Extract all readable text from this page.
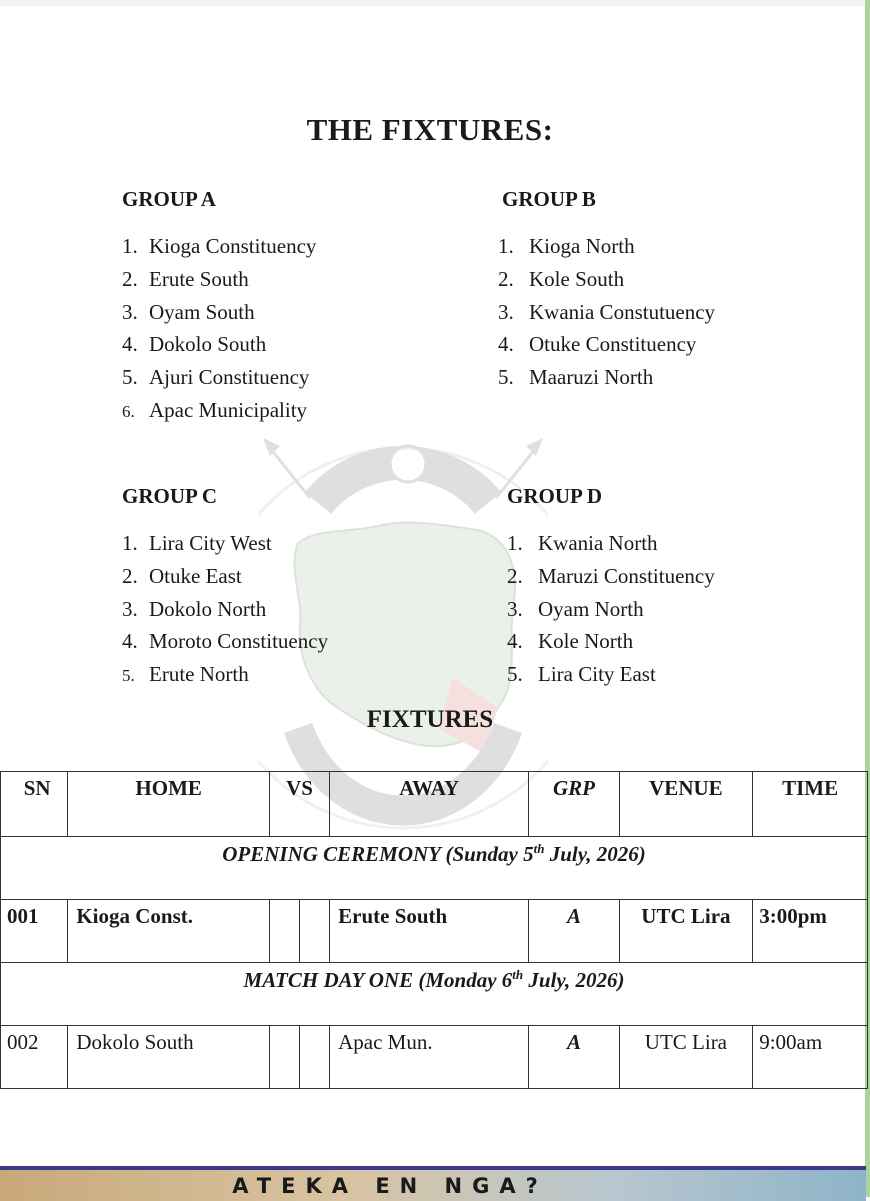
THE FIXTURES:
GROUP A
1. Kioga Constituency
2. Erute South
3. Oyam South
4. Dokolo South
5. Ajuri Constituency
6. Apac Municipality
GROUP B
1. Kioga North
2. Kole South
3. Kwania Constutuency
4. Otuke Constituency
5. Maaruzi North
GROUP C
1. Lira City West
2. Otuke East
3. Dokolo North
4. Moroto Constituency
5. Erute North
GROUP D
1. Kwania North
2. Maruzi Constituency
3. Oyam North
4. Kole North
5. Lira City East
FIXTURES
SN	HOME	VS		AWAY	GRP	VENUE	TIME
OPENING CEREMONY (Sunday 5th July, 2026)							
001	Kioga Const.			Erute South	A	UTC Lira	3:00pm
MATCH DAY ONE (Monday 6th July, 2026)							
002	Dokolo South			Apac Mun.	A	UTC Lira	9:00am
ATEKA EN NGA?
